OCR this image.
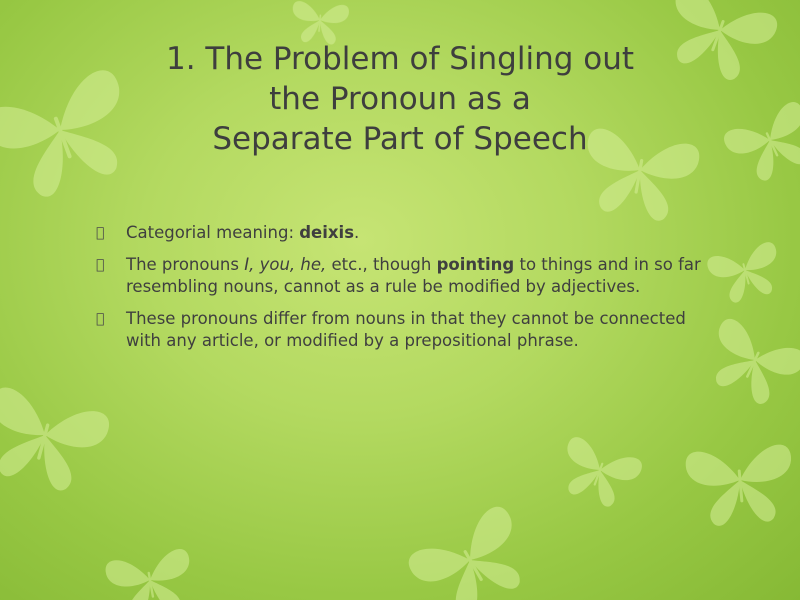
1. The Problem of Singling out
the Pronoun as a
Separate Part of Speech
Categorial meaning: deixis.
The pronouns I, you, he, etc., though pointing to things and in so far resembling nouns, cannot as a rule be modified by adjectives.
These pronouns differ from nouns in that they cannot be connected with any article, or modified by a prepositional phrase.
